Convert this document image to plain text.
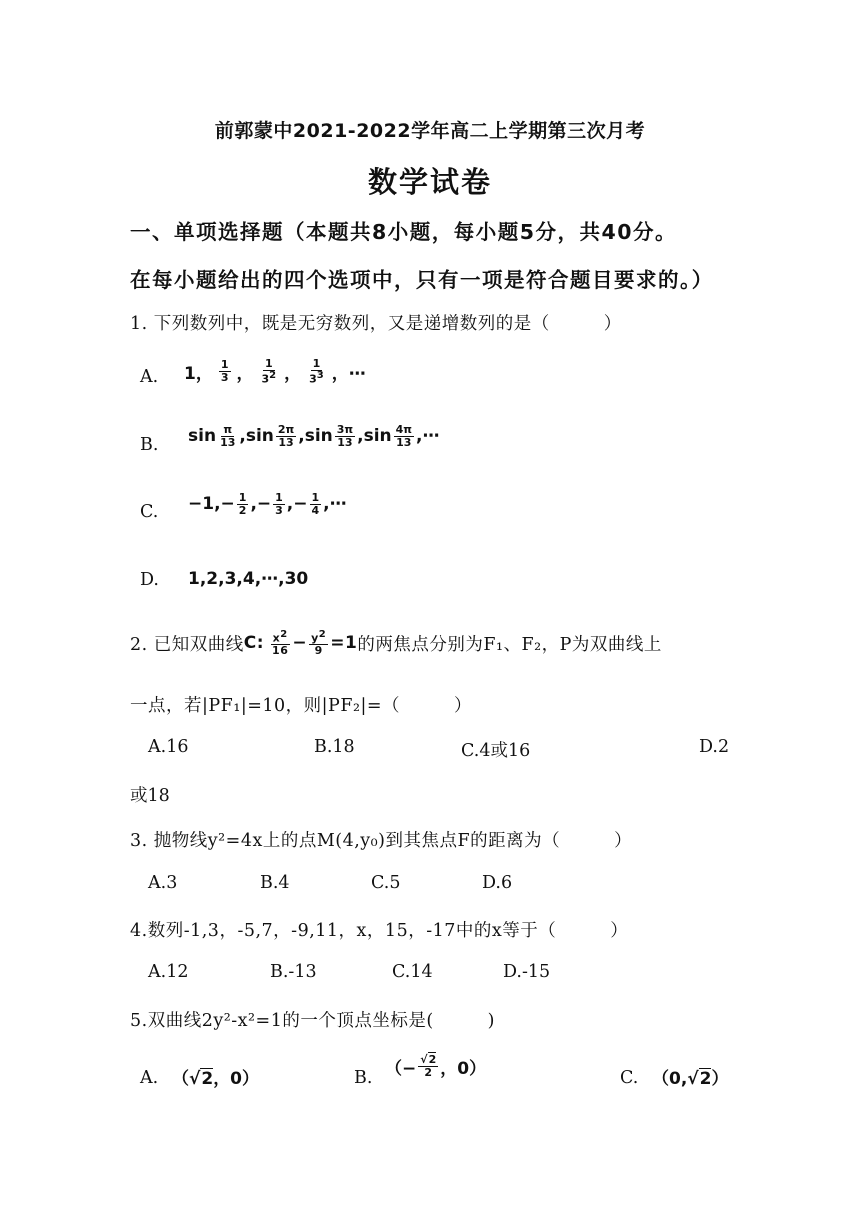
前郭蒙中2021-2022学年高二上学期第三次月考
数学试卷
一、单项选择题（本题共8小题，每小题5分，共40分。
在每小题给出的四个选项中，只有一项是符合题目要求的。）
1. 下列数列中，既是无穷数列，又是递增数列的是（　　　）
A. 1， $\frac{1}{3}$ ， $\frac{1}{3^2}$ ， $\frac{1}{3^3}$ ，⋯
B. $\sin \frac{\pi}{13} ,\sin \frac{2\pi}{13} ,\sin \frac{3\pi}{13} ,\sin \frac{4\pi}{13}$ ,⋯
C. $-1,- \frac{1}{2}$ ,− $\frac{1}{3}$ ,− $\frac{1}{4}$ ,⋯
D. 1,2,3,4,⋯,30
2. 已知双曲线 C: $\frac{x^2}{16} - \frac{y^2}{9} =1$ 的两焦点分别为F₁、F₂，P为双曲线上
一点，若|PF₁|=10，则|PF₂|=（　　　）
A.16	B.18	C.4或16	D.2
或18
3. 抛物线y²=4x上的点M(4,y₀)到其焦点F的距离为（　　　）
A.3	B.4	C.5	D.6
4.数列-1,3，-5,7，-9,11，x，15，-17中的x等于（　　　）
A.12	B.-13	C.14	D.-15
5.双曲线2y²-x²=1的一个顶点坐标是(　　　)
A. （√2，0）	B. （− $\frac{√2}{2}$ ，0）	C. （0,√2）
